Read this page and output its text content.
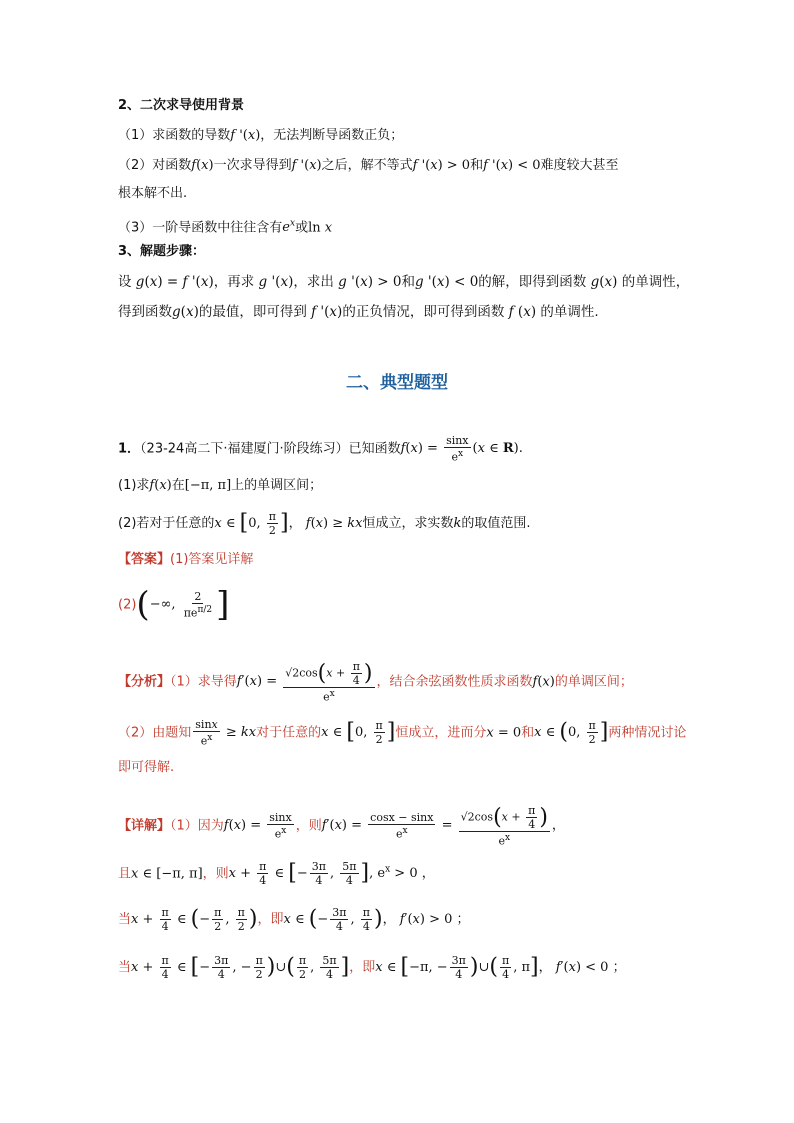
2、二次求导使用背景
（1）求函数的导数f '(x)，无法判断导函数正负；
（2）对函数f(x)一次求导得到f '(x)之后，解不等式f '(x) > 0和f '(x) < 0难度较大甚至
根本解不出.
（3）一阶导函数中往往含有$e^x$或ln x
3、解题步骤：
设 g(x) = f '(x)，再求 g '(x)，求出 g '(x) > 0和g '(x) < 0的解，即得到函数 g(x) 的单调性，
得到函数g(x)的最值，即可得到 f '(x)的正负情况，即可得到函数 f (x) 的单调性.
二、典型题型
1．（23-24高二下·福建厦门·阶段练习）已知函数$f(x) = \frac{\sin x}{e^x} (x$ ∈ R).
(1)求f(x)在[−π, π]上的单调区间；
(2)若对于任意的x ∈ [0, $\frac{\pi}{2}$ ]， f(x) ≥ kx恒成立，求实数k的取值范围.
【答案】(1)答案见详解
(2)(−∞, $\frac{2}{\pi e^{\pi/2}}$ ]
【分析】（1）求导得$f'(x) = \frac{√2\cos(x + \frac{\pi}{4} )}{e^x}$ ，结合余弦函数性质求函数f(x)的单调区间；
（2）由题知 $\frac{\sin x}{e^x}$ ≥ kx对于任意的x ∈ [0, $\frac{\pi}{2}$ ]恒成立，进而分x = 0和x ∈ (0, $\frac{\pi}{2}$ ]两种情况讨论
即可得解.
【详解】（1）因为$f(x) = \frac{\sin x}{e^x}$ ，则$f'(x) = \frac{\cos x - \sin x}{e^x} = \frac{√2\cos(x + \frac{\pi}{4} )}{e^x}$ ，
且x ∈ [−π, π]，则$x + \frac{\pi}{4}$ ∈ [− $\frac{3\pi}{4}$ , $\frac{5\pi}{4}$ ], $e^x > 0$ ，
当$x + \frac{\pi}{4}$ ∈ (− $\frac{\pi}{2}$ , $\frac{\pi}{2}$ )，即x ∈ (− $\frac{3\pi}{4}$ , $\frac{\pi}{4}$ )， f′(x) > 0 ；
当$x + \frac{\pi}{4}$ ∈ [− $\frac{3\pi}{4}$ , − $\frac{\pi}{2}$ )∪( $\frac{\pi}{2}$ , $\frac{5\pi}{4}$ ]，即x ∈ [−π, − $\frac{3\pi}{4}$ )∪( $\frac{\pi}{4}$ , π]， f′(x) < 0 ；
